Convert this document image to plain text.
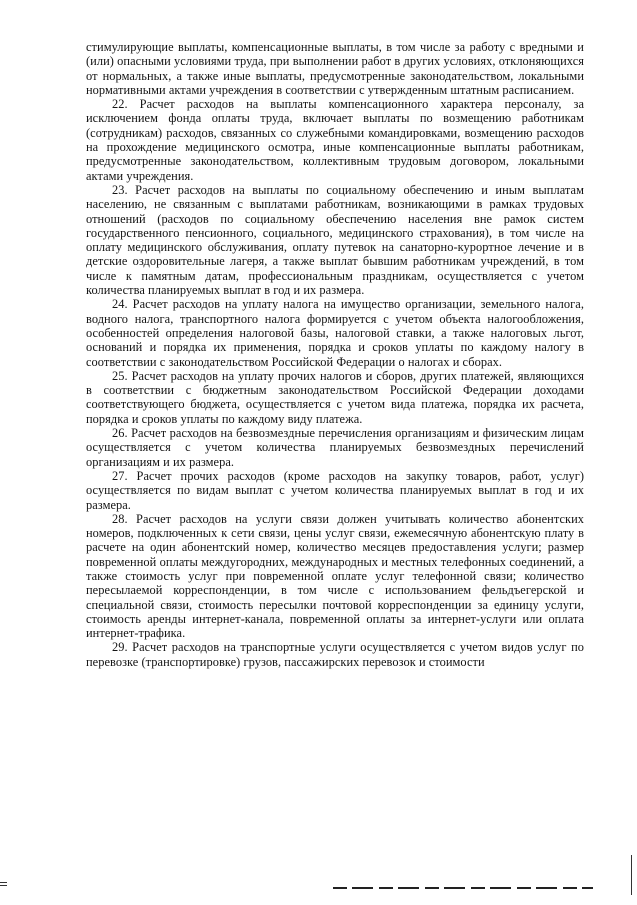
стимулирующие выплаты, компенсационные выплаты, в том числе за работу с вредными и (или) опасными условиями труда, при выполнении работ в других условиях, отклоняющихся от нормальных, а также иные выплаты, предусмотренные законодательством, локальными нормативными актами учреждения в соответствии с утвержденным штатным расписанием.

22. Расчет расходов на выплаты компенсационного характера персоналу, за исключением фонда оплаты труда, включает выплаты по возмещению работникам (сотрудникам) расходов, связанных со служебными командировками, возмещению расходов на прохождение медицинского осмотра, иные компенсационные выплаты работникам, предусмотренные законодательством, коллективным трудовым договором, локальными актами учреждения.

23. Расчет расходов на выплаты по социальному обеспечению и иным выплатам населению, не связанным с выплатами работникам, возникающими в рамках трудовых отношений (расходов по социальному обеспечению населения вне рамок систем государственного пенсионного, социального, медицинского страхования), в том числе на оплату медицинского обслуживания, оплату путевок на санаторно-курортное лечение и в детские оздоровительные лагеря, а также выплат бывшим работникам учреждений, в том числе к памятным датам, профессиональным праздникам, осуществляется с учетом количества планируемых выплат в год и их размера.

24. Расчет расходов на уплату налога на имущество организации, земельного налога, водного налога, транспортного налога формируется с учетом объекта налогообложения, особенностей определения налоговой базы, налоговой ставки, а также налоговых льгот, оснований и порядка их применения, порядка и сроков уплаты по каждому налогу в соответствии с законодательством Российской Федерации о налогах и сборах.

25. Расчет расходов на уплату прочих налогов и сборов, других платежей, являющихся в соответствии с бюджетным законодательством Российской Федерации доходами соответствующего бюджета, осуществляется с учетом вида платежа, порядка их расчета, порядка и сроков уплаты по каждому виду платежа.

26. Расчет расходов на безвозмездные перечисления организациям и физическим лицам осуществляется с учетом количества планируемых безвозмездных перечислений организациям и их размера.

27. Расчет прочих расходов (кроме расходов на закупку товаров, работ, услуг) осуществляется по видам выплат с учетом количества планируемых выплат в год и их размера.

28. Расчет расходов на услуги связи должен учитывать количество абонентских номеров, подключенных к сети связи, цены услуг связи, ежемесячную абонентскую плату в расчете на один абонентский номер, количество месяцев предоставления услуги; размер повременной оплаты междугородних, международных и местных телефонных соединений, а также стоимость услуг при повременной оплате услуг телефонной связи; количество пересылаемой корреспонденции, в том числе с использованием фельдъегерской и специальной связи, стоимость пересылки почтовой корреспонденции за единицу услуги, стоимость аренды интернет-канала, повременной оплаты за интернет-услуги или оплата интернет-трафика.

29. Расчет расходов на транспортные услуги осуществляется с учетом видов услуг по перевозке (транспортировке) грузов, пассажирских перевозок и стоимости
